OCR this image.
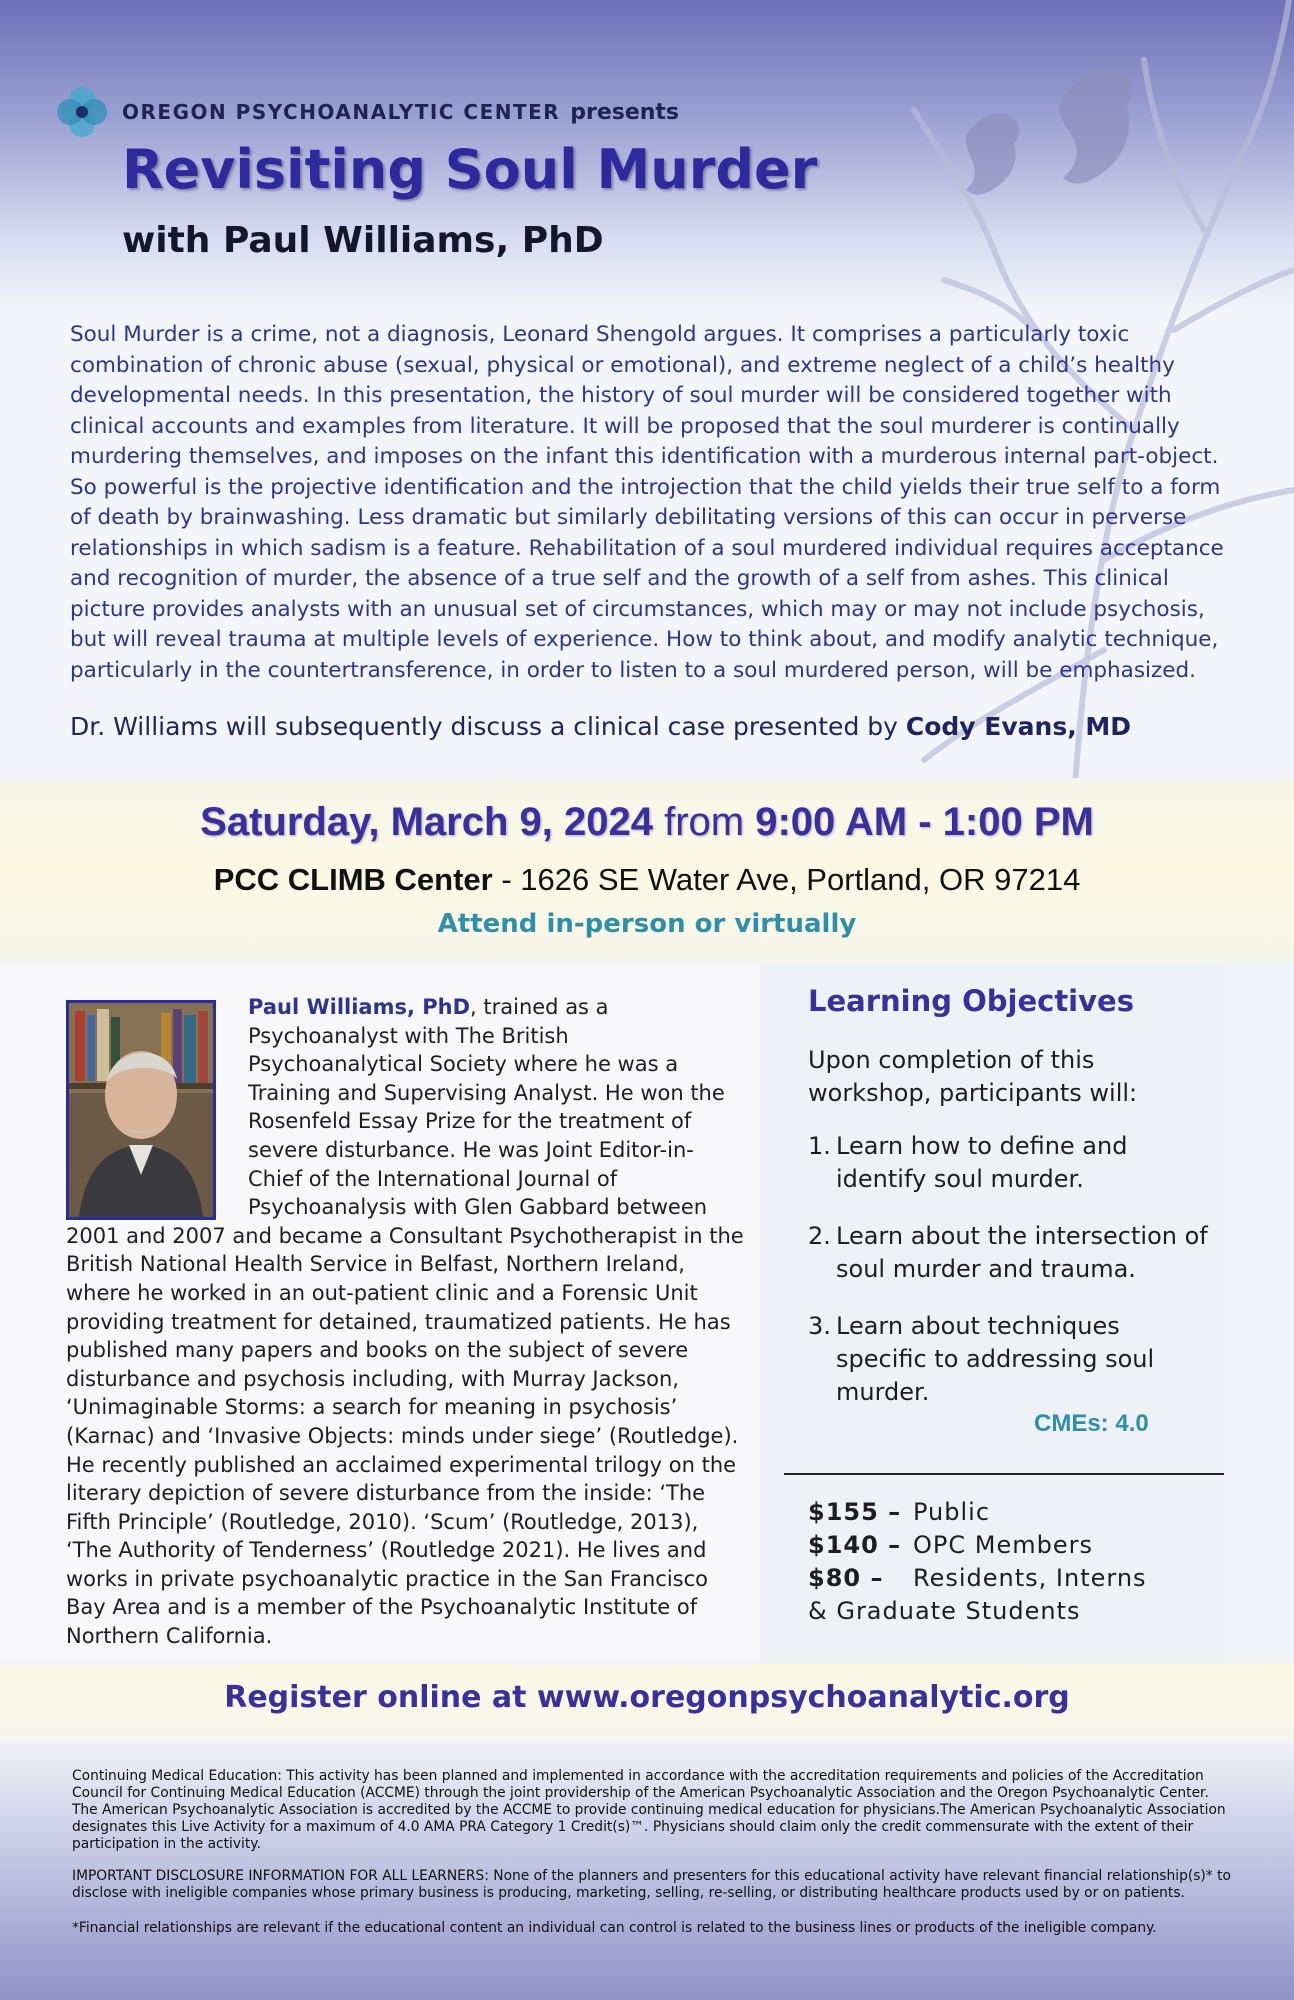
OREGON PSYCHOANALYTIC CENTER presents
Revisiting Soul Murder
with Paul Williams, PhD

Soul Murder is a crime, not a diagnosis, Leonard Shengold argues. It comprises a particularly toxic combination of chronic abuse (sexual, physical or emotional), and extreme neglect of a child’s healthy developmental needs. In this presentation, the history of soul murder will be considered together with clinical accounts and examples from literature. It will be proposed that the soul murderer is continually murdering themselves, and imposes on the infant this identification with a murderous internal part-object. So powerful is the projective identification and the introjection that the child yields their true self to a form of death by brainwashing. Less dramatic but similarly debilitating versions of this can occur in perverse relationships in which sadism is a feature. Rehabilitation of a soul murdered individual requires acceptance and recognition of murder, the absence of a true self and the growth of a self from ashes. This clinical picture provides analysts with an unusual set of circumstances, which may or may not include psychosis, but will reveal trauma at multiple levels of experience. How to think about, and modify analytic technique, particularly in the countertransference, in order to listen to a soul murdered person, will be emphasized.

Dr. Williams will subsequently discuss a clinical case presented by Cody Evans, MD

Saturday, March 9, 2024 from 9:00 AM - 1:00 PM
PCC CLIMB Center - 1626 SE Water Ave, Portland, OR 97214
Attend in-person or virtually

Paul Williams, PhD, trained as a Psychoanalyst with The British Psychoanalytical Society where he was a Training and Supervising Analyst. He won the Rosenfeld Essay Prize for the treatment of severe disturbance. He was Joint Editor-in-Chief of the International Journal of Psychoanalysis with Glen Gabbard between 2001 and 2007 and became a Consultant Psychotherapist in the British National Health Service in Belfast, Northern Ireland, where he worked in an out-patient clinic and a Forensic Unit providing treatment for detained, traumatized patients. He has published many papers and books on the subject of severe disturbance and psychosis including, with Murray Jackson, ‘Unimaginable Storms: a search for meaning in psychosis’ (Karnac) and ‘Invasive Objects: minds under siege’ (Routledge). He recently published an acclaimed experimental trilogy on the literary depiction of severe disturbance from the inside: ‘The Fifth Principle’ (Routledge, 2010). ‘Scum’ (Routledge, 2013), ‘The Authority of Tenderness’ (Routledge 2021). He lives and works in private psychoanalytic practice in the San Francisco Bay Area and is a member of the Psychoanalytic Institute of Northern California.

Learning Objectives

Upon completion of this workshop, participants will:

1. Learn how to define and identify soul murder.
2. Learn about the intersection of soul murder and trauma.
3. Learn about techniques specific to addressing soul murder.
CMEs: 4.0
$155 – Public
$140 – OPC Members
$80 –	Residents, Interns
& Graduate Students
Register online at www.oregonpsychoanalytic.org

Continuing Medical Education: This activity has been planned and implemented in accordance with the accreditation requirements and policies of the Accreditation Council for Continuing Medical Education (ACCME) through the joint providership of the American Psychoanalytic Association and the Oregon Psychoanalytic Center. The American Psychoanalytic Association is accredited by the ACCME to provide continuing medical education for physicians.The American Psychoanalytic Association designates this Live Activity for a maximum of 4.0 AMA PRA Category 1 Credit(s)™. Physicians should claim only the credit commensurate with the extent of their participation in the activity.

IMPORTANT DISCLOSURE INFORMATION FOR ALL LEARNERS: None of the planners and presenters for this educational activity have relevant financial relationship(s)* to disclose with ineligible companies whose primary business is producing, marketing, selling, re-selling, or distributing healthcare products used by or on patients.

*Financial relationships are relevant if the educational content an individual can control is related to the business lines or products of the ineligible company.
